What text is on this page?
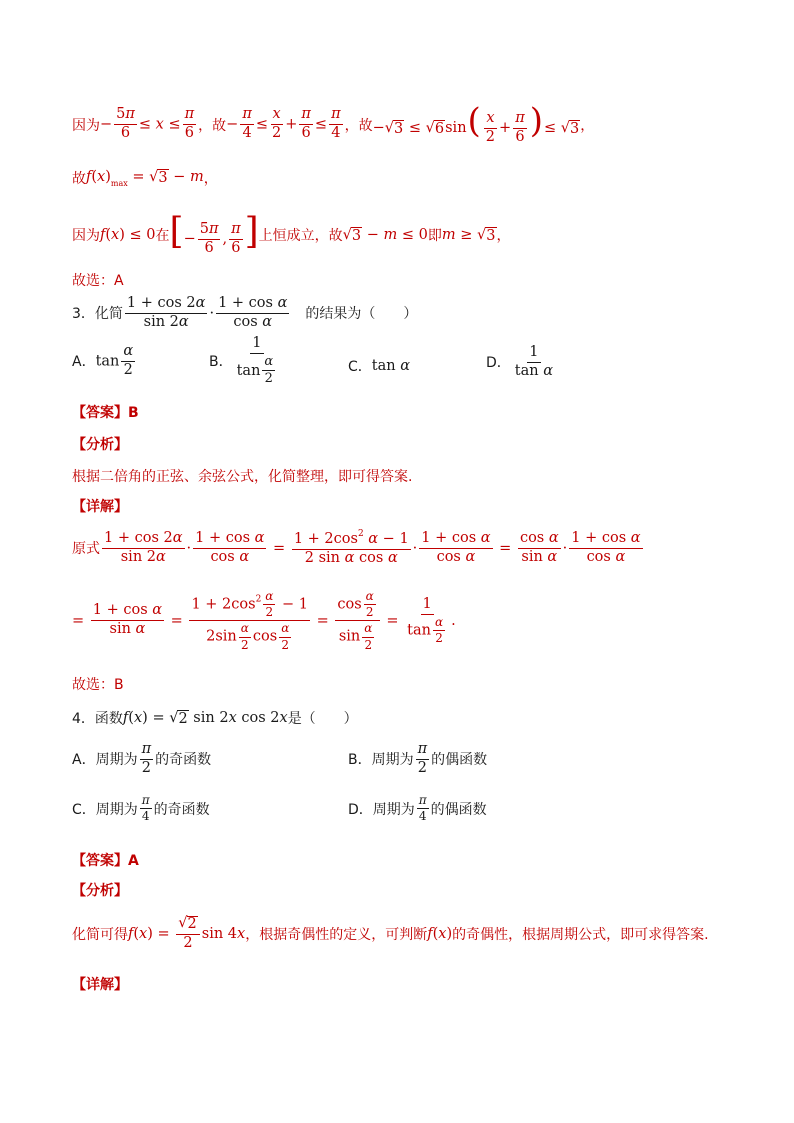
因为 − $\frac{5\pi}{6} \le x \le \frac{\pi}{6}$ ，故 − $\frac{\pi}{4} \le \frac{x}{2} + \frac{\pi}{6} \le \frac{\pi}{4}$ ，故 − √ 3 ≤ √ 6 $\sin( \frac{x}{2} + \frac{\pi}{6}$ )≤ √ 3 ，
故 $f(x)_{max}$ = √ 3 − m ，
因为 f(x) ≤ 0 在 [− $\frac{5\pi}{6}$ , $\frac{\pi}{6}$ ] 上恒成立，故 √ 3 − m ≤ 0 即 m ≥ √ 3 ，
故选：A
3．化简 $\frac{1 + \cos 2\alpha}{\sin 2\alpha} \cdot \frac{\text{1 + cos α}}{\text{cos α}}$ 的结果为（　　）
A． $\tan \frac{\alpha}{2}$	B． $\frac{1}{\tan \frac{\alpha}{2}}$	C． tan α	D． $\frac{1}{\text{tan α}}$
【答案】B
【分析】
根据二倍角的正弦、余弦公式，化简整理，即可得答案.
【详解】
原式 $\frac{1 + \cos 2\alpha}{\sin 2\alpha} \cdot \frac{\text{1 + cos α}}{\text{cos α}} = \frac{1 + 2\cos^2 \alpha - 1}{\text{2 sin α cos α}} \cdot \frac{\text{1 + cos α}}{\text{cos α}} = \frac{\text{cos α}}{\text{sin α}} \cdot \frac{\text{1 + cos α}}{\text{cos α}}$
= $\frac{\text{1 + cos α}}{\text{sin α}} = \frac{1 + 2\cos^2 \frac{\alpha}{2} - 1}{2\sin \frac{\alpha}{2} \cos \frac{\alpha}{2}} = \frac{\cos \frac{\alpha}{2}}{\sin \frac{\alpha}{2}} = \frac{1}{\tan \frac{\alpha}{2}}$ .
故选：B
4．函数 f(x) = √ 2 sin 2x cos 2x 是（　　）
A．周期为 $\frac{\pi}{2}$ 的奇函数	B．周期为 $\frac{\pi}{2}$ 的偶函数
C．周期为 $\frac{\pi}{4}$ 的奇函数	D．周期为 $\frac{\pi}{4}$ 的偶函数
【答案】A
【分析】
化简可得 $f(x) = \frac{√ 2}{2}$ sin 4x ，根据奇偶性的定义，可判断 f(x) 的奇偶性，根据周期公式，即可求得答案.
【详解】
